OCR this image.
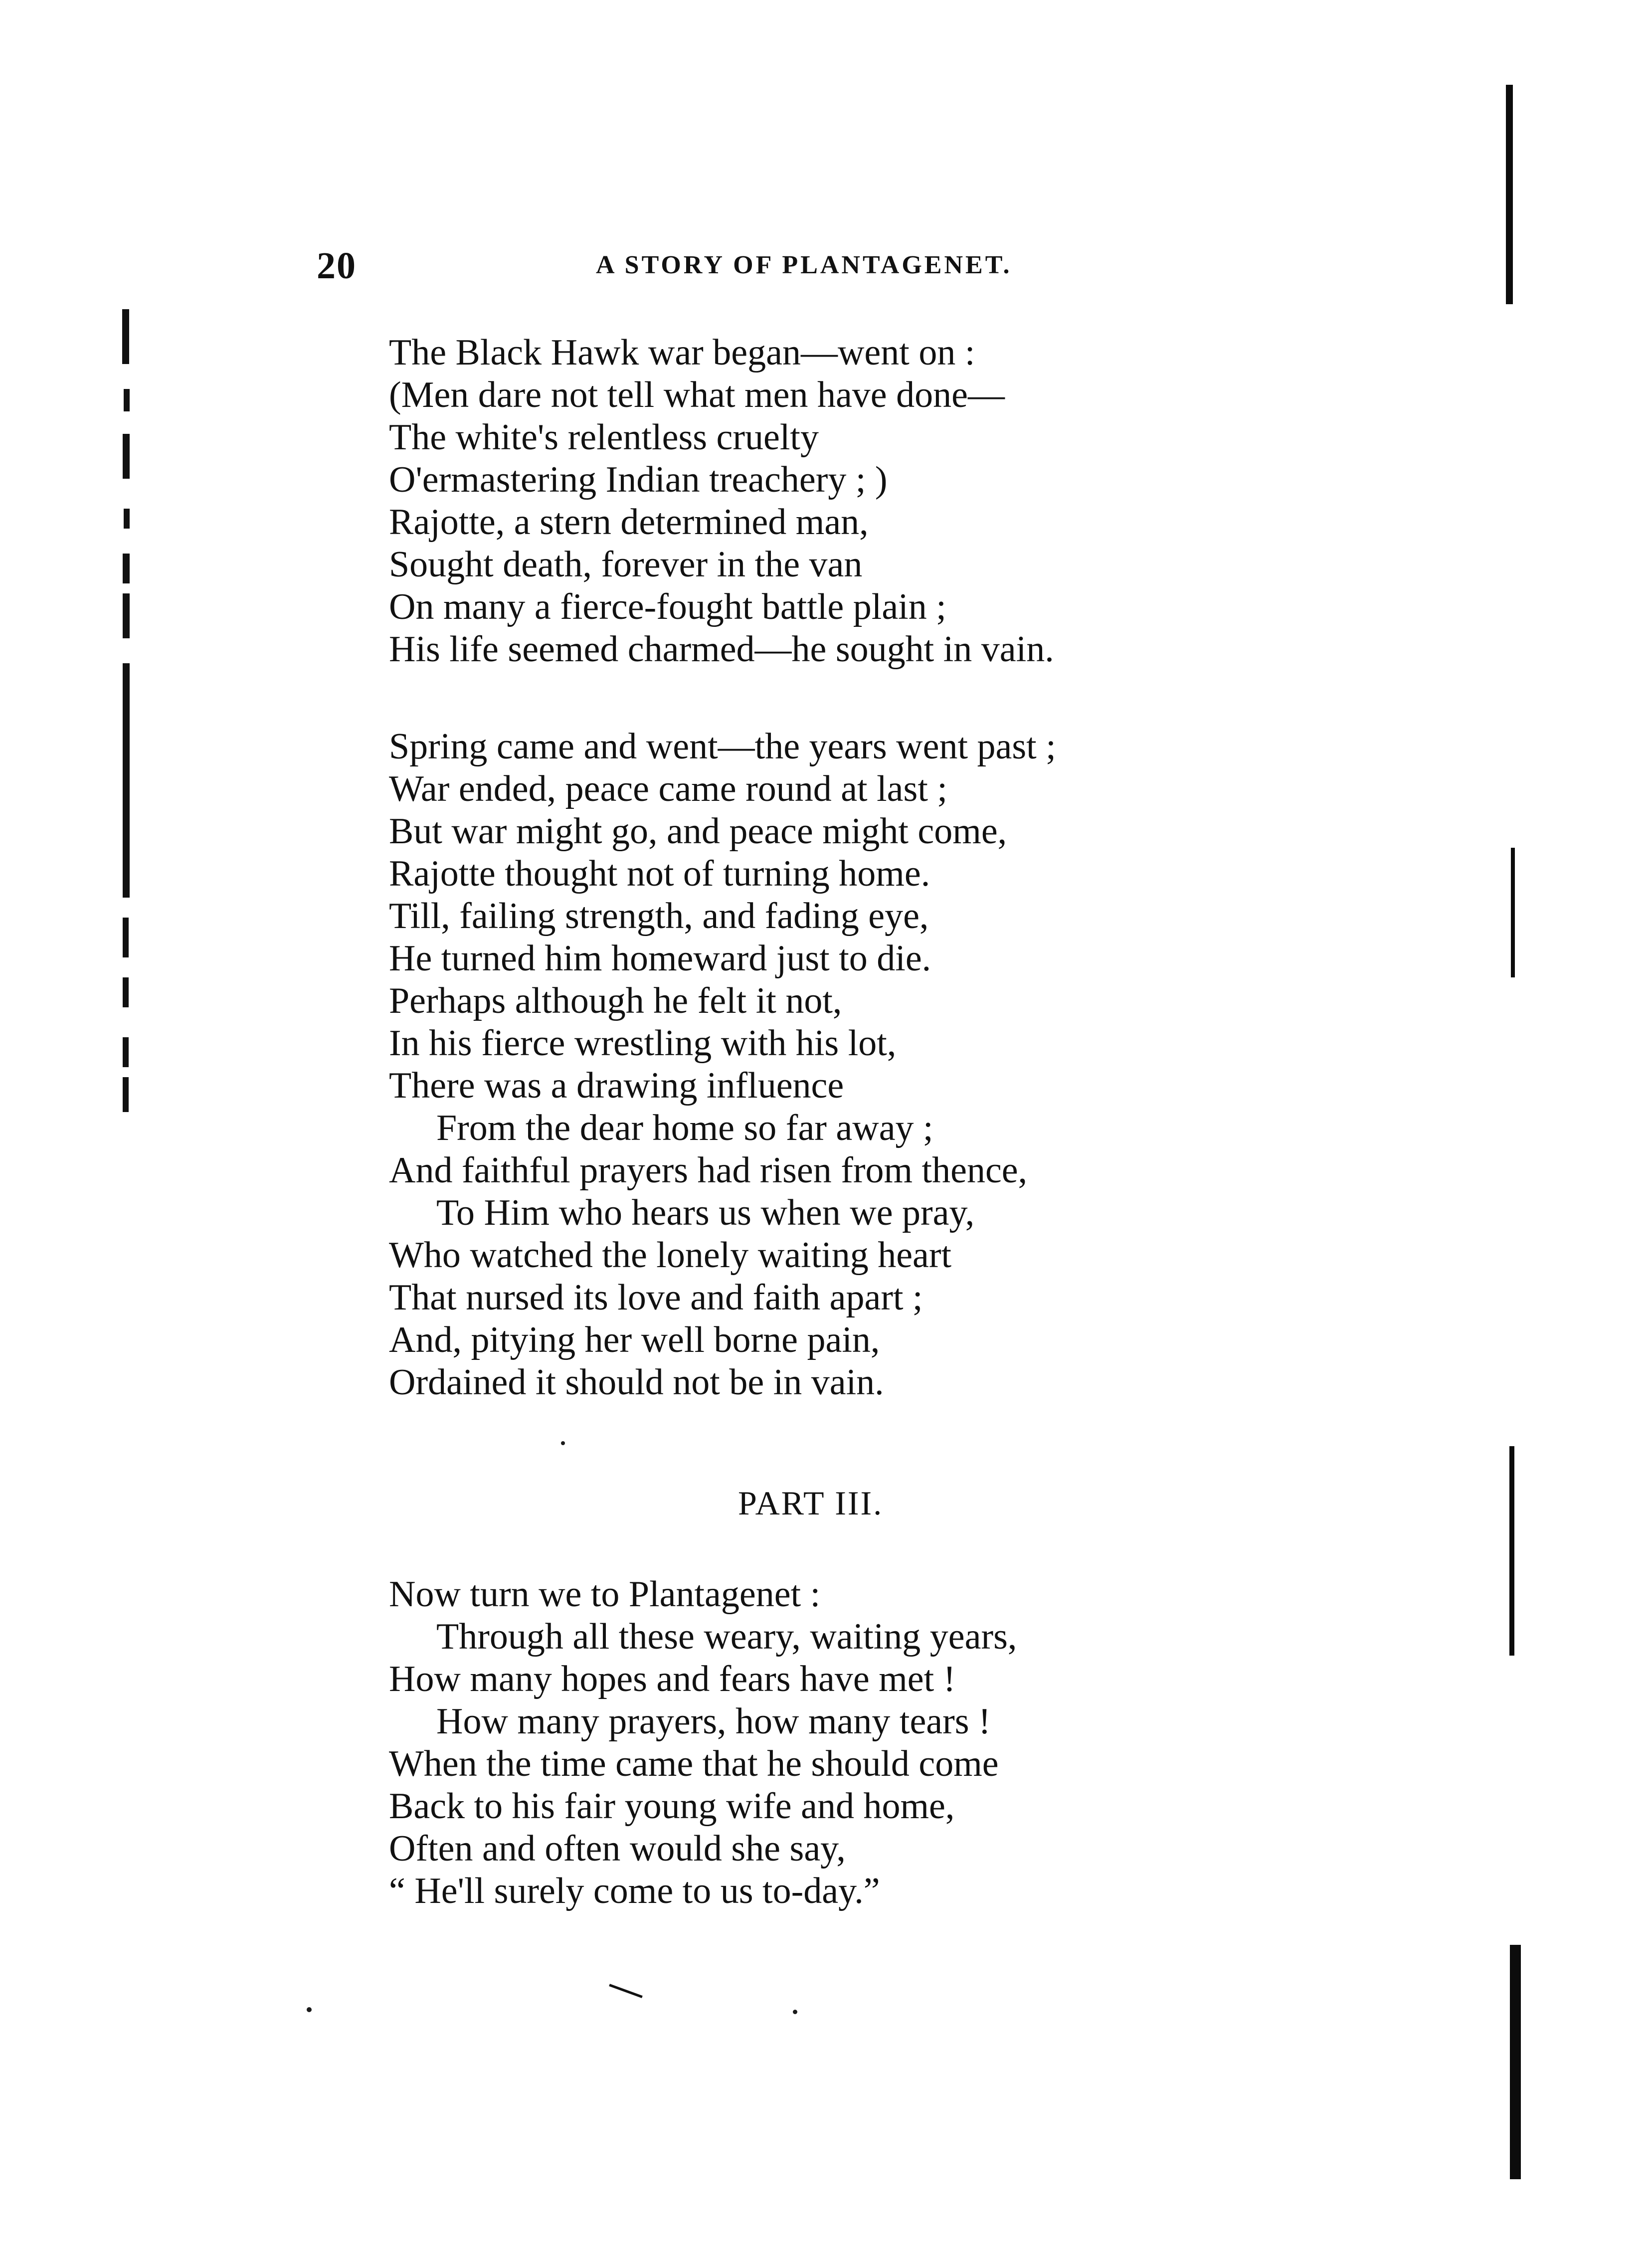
20	A STORY OF PLANTAGENET.
The Black Hawk war began—went on :
(Men dare not tell what men have done—
The white's relentless cruelty
O'ermastering Indian treachery ; )
Rajotte, a stern determined man,
Sought death, forever in the van
On many a fierce-fought battle plain ;
His life seemed charmed—he sought in vain.
Spring came and went—the years went past ;
War ended, peace came round at last ;
But war might go, and peace might come,
Rajotte thought not of turning home.
Till, failing strength, and fading eye,
He turned him homeward just to die.
Perhaps although he felt it not,
In his fierce wrestling with his lot,
There was a drawing influence
From the dear home so far away ;
And faithful prayers had risen from thence,
To Him who hears us when we pray,
Who watched the lonely waiting heart
That nursed its love and faith apart ;
And, pitying her well borne pain,
Ordained it should not be in vain.
PART III.
Now turn we to Plantagenet :
Through all these weary, waiting years,
How many hopes and fears have met !
How many prayers, how many tears !
When the time came that he should come
Back to his fair young wife and home,
Often and often would she say,
“ He'll surely come to us to-day.”
